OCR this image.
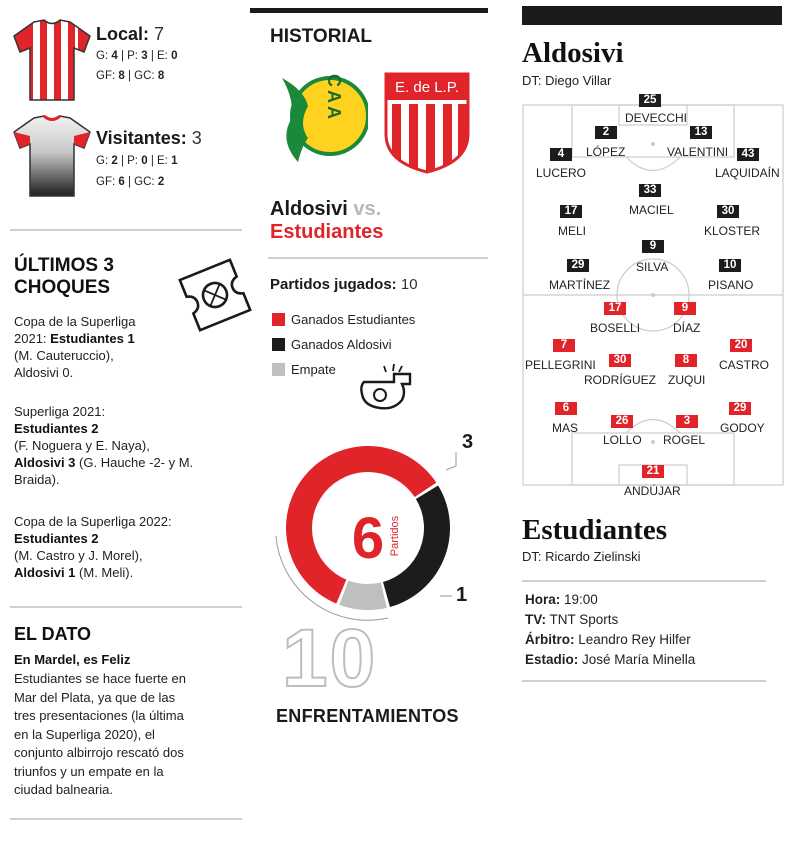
Local: 7
G: 4 | P: 3 | E: 0
GF: 8 | GC: 8
Visitantes: 3
G: 2 | P: 0 | E: 1
GF: 6 | GC: 2
ÚLTIMOS 3
CHOQUES
Copa de la Superliga
2021: Estudiantes 1
(M. Cauteruccio),
Aldosivi 0.
Superliga 2021:
Estudiantes 2
(F. Noguera y E. Naya),
Aldosivi 3 (G. Hauche -2- y M.
Braida).
Copa de la Superliga 2022:
Estudiantes 2
(M. Castro y J. Morel),
Aldosivi 1 (M. Meli).
EL DATO
En Mardel, es Feliz
Estudiantes se hace fuerte en
Mar del Plata, ya que de las
tres presentaciones (la última
en la Superliga 2020), el
conjunto albirrojo rescató dos
triunfos y un empate en la
ciudad balnearia.
HISTORIAL
CAA	E. de L.P.
Aldosivi vs.
Estudiantes
Partidos jugados: 10
Ganados Estudiantes
Ganados Aldosivi
Empate
6 Partidos
3
1
10
ENFRENTAMIENTOS
Aldosivi
DT: Diego Villar
25
DEVECCHI
2
LÓPEZ
13
VALENTINI
4
LUCERO
43
LAQUIDAÍN
33
MACIEL
17
MELI
30
KLOSTER
9
SILVA
29
MARTÍNEZ
10
PISANO
17
BOSELLI
9
DÍAZ
7
PELLEGRINI	30
RODRÍGUEZ
8
ZUQUI
20
CASTRO
6
MAS	26
LOLLO
3
ROGEL
29
GODOY
21
ANDÚJAR
Estudiantes
DT: Ricardo Zielinski
Hora: 19:00
TV: TNT Sports
Árbitro: Leandro Rey Hilfer
Estadio: José María Minella
